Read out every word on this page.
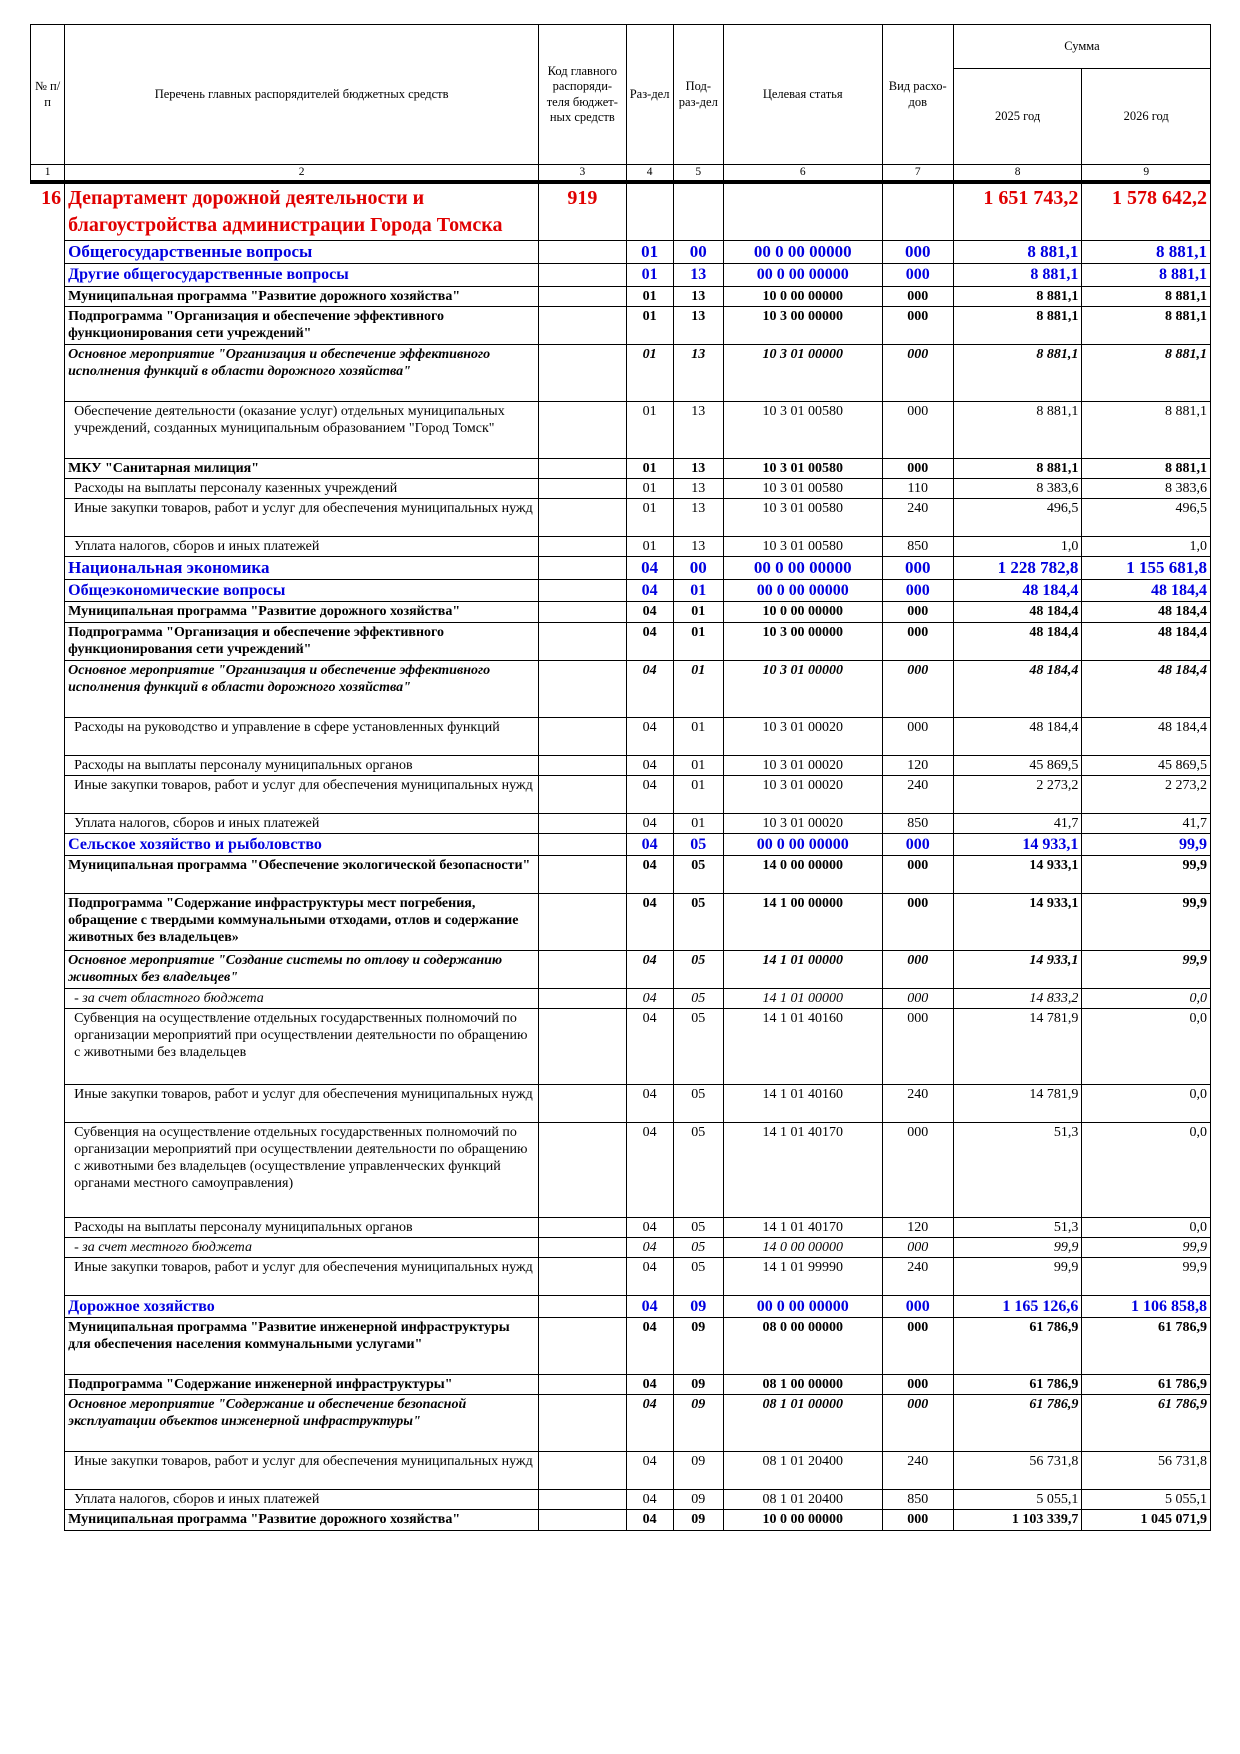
№ п/п	Перечень главных распорядителей бюджетных средств	Код главного распоряди-теля бюджет-ных средств	Раз-дел	Под-раз-дел	Целевая статья	Вид расхо-дов	Сумма	
							2025 год	2026 год
1	2	3	4	5	6	7	8	9
16	Департамент дорожной деятельности и благоустройства администрации Города Томска	919					1 651 743,2	1 578 642,2
	Общегосударственные вопросы		01	00	00 0 00 00000	000	8 881,1	8 881,1
	Другие общегосударственные вопросы		01	13	00 0 00 00000	000	8 881,1	8 881,1
	Муниципальная программа "Развитие дорожного хозяйства"		01	13	10 0 00 00000	000	8 881,1	8 881,1
	Подпрограмма "Организация и обеспечение эффективного функционирования сети учреждений"		01	13	10 3 00 00000	000	8 881,1	8 881,1
	Основное мероприятие "Организация и обеспечение эффективного исполнения функций в области дорожного хозяйства"		01	13	10 3 01 00000	000	8 881,1	8 881,1
	Обеспечение деятельности (оказание услуг) отдельных муниципальных учреждений, созданных муниципальным образованием "Город Томск"		01	13	10 3 01 00580	000	8 881,1	8 881,1
	МКУ "Санитарная милиция"		01	13	10 3 01 00580	000	8 881,1	8 881,1
	Расходы на выплаты персоналу казенных учреждений		01	13	10 3 01 00580	110	8 383,6	8 383,6
	Иные закупки товаров, работ и услуг для обеспечения муниципальных нужд		01	13	10 3 01 00580	240	496,5	496,5
	Уплата налогов, сборов и иных платежей		01	13	10 3 01 00580	850	1,0	1,0
	Национальная экономика		04	00	00 0 00 00000	000	1 228 782,8	1 155 681,8
	Общеэкономические вопросы		04	01	00 0 00 00000	000	48 184,4	48 184,4
	Муниципальная программа "Развитие дорожного хозяйства"		04	01	10 0 00 00000	000	48 184,4	48 184,4
	Подпрограмма "Организация и обеспечение эффективного функционирования сети учреждений"		04	01	10 3 00 00000	000	48 184,4	48 184,4
	Основное мероприятие "Организация и обеспечение эффективного исполнения функций в области дорожного хозяйства"		04	01	10 3 01 00000	000	48 184,4	48 184,4
	Расходы на руководство и управление в сфере установленных функций		04	01	10 3 01 00020	000	48 184,4	48 184,4
	Расходы на выплаты персоналу муниципальных органов		04	01	10 3 01 00020	120	45 869,5	45 869,5
	Иные закупки товаров, работ и услуг для обеспечения муниципальных нужд		04	01	10 3 01 00020	240	2 273,2	2 273,2
	Уплата налогов, сборов и иных платежей		04	01	10 3 01 00020	850	41,7	41,7
	Сельское хозяйство и рыболовство		04	05	00 0 00 00000	000	14 933,1	99,9
	Муниципальная программа "Обеспечение экологической безопасности"		04	05	14 0 00 00000	000	14 933,1	99,9
	Подпрограмма "Содержание инфраструктуры мест погребения, обращение с твердыми коммунальными отходами, отлов и содержание животных без владельцев»		04	05	14 1 00 00000	000	14 933,1	99,9
	Основное мероприятие "Создание системы по отлову и содержанию животных без владельцев"		04	05	14 1 01 00000	000	14 933,1	99,9
	- за счет областного бюджета		04	05	14 1 01 00000	000	14 833,2	0,0
	Субвенция на осуществление отдельных государственных полномочий по организации мероприятий при осуществлении деятельности по обращению с животными без владельцев		04	05	14 1 01 40160	000	14 781,9	0,0
	Иные закупки товаров, работ и услуг для обеспечения муниципальных нужд		04	05	14 1 01 40160	240	14 781,9	0,0
	Субвенция на осуществление отдельных государственных полномочий по организации мероприятий при осуществлении деятельности по обращению с животными без владельцев (осуществление управленческих функций органами местного самоуправления)		04	05	14 1 01 40170	000	51,3	0,0
	Расходы на выплаты персоналу муниципальных органов		04	05	14 1 01 40170	120	51,3	0,0
	- за счет местного бюджета		04	05	14 0 00 00000	000	99,9	99,9
	Иные закупки товаров, работ и услуг для обеспечения муниципальных нужд		04	05	14 1 01 99990	240	99,9	99,9
	Дорожное хозяйство		04	09	00 0 00 00000	000	1 165 126,6	1 106 858,8
	Муниципальная программа "Развитие инженерной инфраструктуры для обеспечения населения коммунальными услугами"		04	09	08 0 00 00000	000	61 786,9	61 786,9
	Подпрограмма "Содержание инженерной инфраструктуры"		04	09	08 1 00 00000	000	61 786,9	61 786,9
	Основное мероприятие "Содержание и обеспечение безопасной эксплуатации объектов инженерной инфраструктуры"		04	09	08 1 01 00000	000	61 786,9	61 786,9
	Иные закупки товаров, работ и услуг для обеспечения муниципальных нужд		04	09	08 1 01 20400	240	56 731,8	56 731,8
	Уплата налогов, сборов и иных платежей		04	09	08 1 01 20400	850	5 055,1	5 055,1
	Муниципальная программа "Развитие дорожного хозяйства"		04	09	10 0 00 00000	000	1 103 339,7	1 045 071,9
